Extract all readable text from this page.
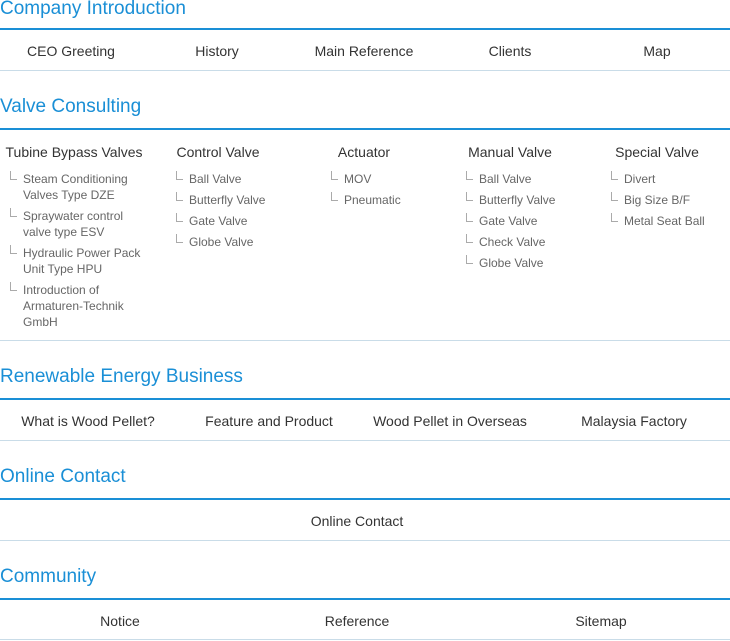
Company Introduction
CEO Greeting	History	Main Reference	Clients	Map
Valve Consulting
Tubine Bypass Valves
Steam Conditioning Valves Type DZE
Spraywater control valve type ESV
Hydraulic Power Pack Unit Type HPU
Introduction of Armaturen-Technik GmbH
Control Valve
Ball Valve
Butterfly Valve
Gate Valve
Globe Valve
Actuator
MOV
Pneumatic
Manual Valve
Ball Valve
Butterfly Valve
Gate Valve
Check Valve
Globe Valve
Special Valve
Divert
Big Size B/F
Metal Seat Ball
Renewable Energy Business
What is Wood Pellet?	Feature and Product	Wood Pellet in Overseas	Malaysia Factory
Online Contact
Online Contact
Community
Notice	Reference	Sitemap
